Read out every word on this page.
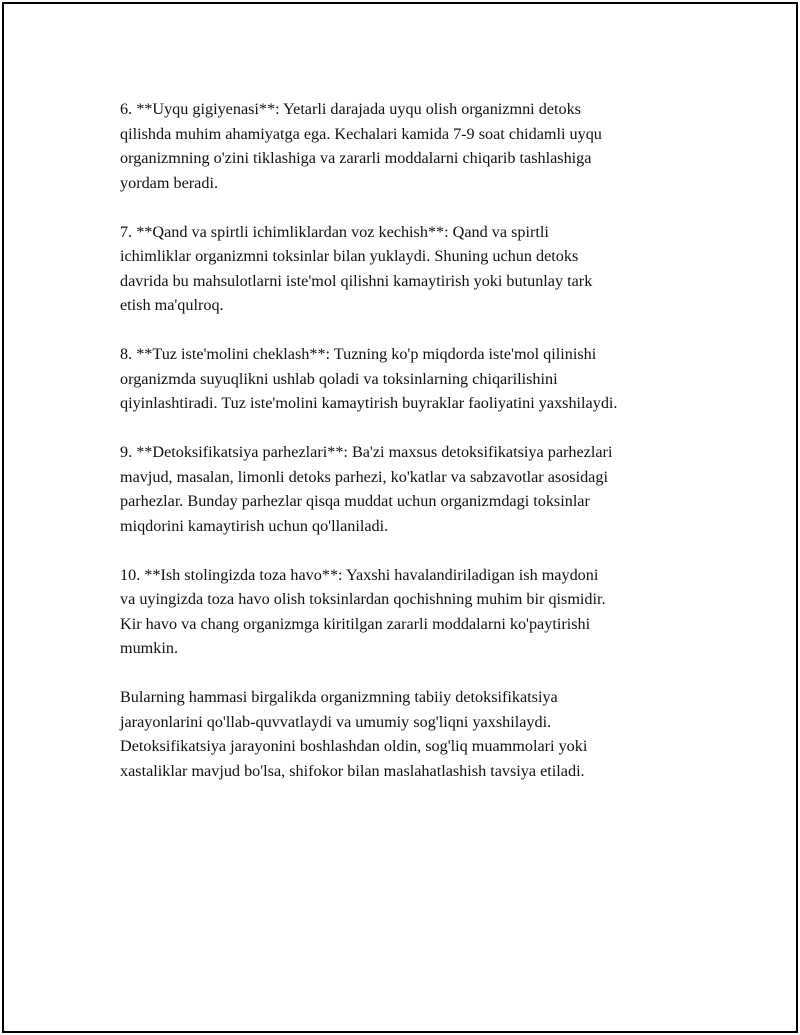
6. **Uyqu gigiyenasi**: Yetarli darajada uyqu olish organizmni detoks
qilishda muhim ahamiyatga ega. Kechalari kamida 7-9 soat chidamli uyqu
organizmning o'zini tiklashiga va zararli moddalarni chiqarib tashlashiga
yordam beradi.

7. **Qand va spirtli ichimliklardan voz kechish**: Qand va spirtli
ichimliklar organizmni toksinlar bilan yuklaydi. Shuning uchun detoks
davrida bu mahsulotlarni iste'mol qilishni kamaytirish yoki butunlay tark
etish ma'qulroq.

8. **Tuz iste'molini cheklash**: Tuzning ko'p miqdorda iste'mol qilinishi
organizmda suyuqlikni ushlab qoladi va toksinlarning chiqarilishini
qiyinlashtiradi. Tuz iste'molini kamaytirish buyraklar faoliyatini yaxshilaydi.

9. **Detoksifikatsiya parhezlari**: Ba'zi maxsus detoksifikatsiya parhezlari
mavjud, masalan, limonli detoks parhezi, ko'katlar va sabzavotlar asosidagi
parhezlar. Bunday parhezlar qisqa muddat uchun organizmdagi toksinlar
miqdorini kamaytirish uchun qo'llaniladi.

10. **Ish stolingizda toza havo**: Yaxshi havalandiriladigan ish maydoni
va uyingizda toza havo olish toksinlardan qochishning muhim bir qismidir.
Kir havo va chang organizmga kiritilgan zararli moddalarni ko'paytirishi
mumkin.

Bularning hammasi birgalikda organizmning tabiiy detoksifikatsiya
jarayonlarini qo'llab-quvvatlaydi va umumiy sog'liqni yaxshilaydi.
Detoksifikatsiya jarayonini boshlashdan oldin, sog'liq muammolari yoki
xastaliklar mavjud bo'lsa, shifokor bilan maslahatlashish tavsiya etiladi.
